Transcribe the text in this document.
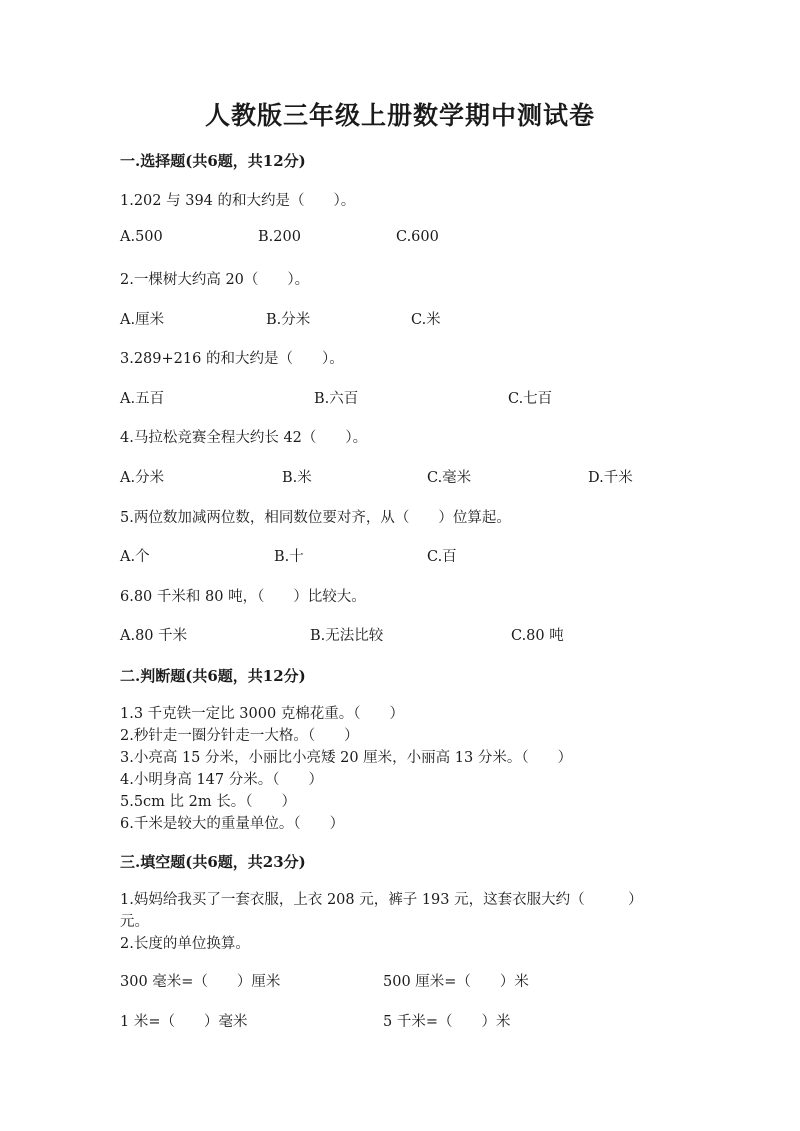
人教版三年级上册数学期中测试卷
一.选择题(共6题，共12分)
1.202 与 394 的和大约是（　　）。
A.500	B.200	C.600
2.一棵树大约高 20（　　）。
A.厘米	B.分米	C.米
3.289+216 的和大约是（　　）。
A.五百	B.六百	C.七百
4.马拉松竞赛全程大约长 42（　　）。
A.分米	B.米	C.毫米	D.千米
5.两位数加减两位数，相同数位要对齐，从（　　）位算起。
A.个	B.十	C.百
6.80 千米和 80 吨，（　　）比较大。
A.80 千米	B.无法比较	C.80 吨
二.判断题(共6题，共12分)
1.3 千克铁一定比 3000 克棉花重。（　　）
2.秒针走一圈分针走一大格。（　　）
3.小亮高 15 分米，小丽比小亮矮 20 厘米，小丽高 13 分米。（　　）
4.小明身高 147 分米。（　　）
5.5cm 比 2m 长。（　　）
6.千米是较大的重量单位。（　　）
三.填空题(共6题，共23分)
1.妈妈给我买了一套衣服，上衣 208 元，裤子 193 元，这套衣服大约（　　　）
元。
2.长度的单位换算。
300 毫米=（　　）厘米	500 厘米=（　　）米
1 米=（　　）毫米	5 千米=（　　）米
